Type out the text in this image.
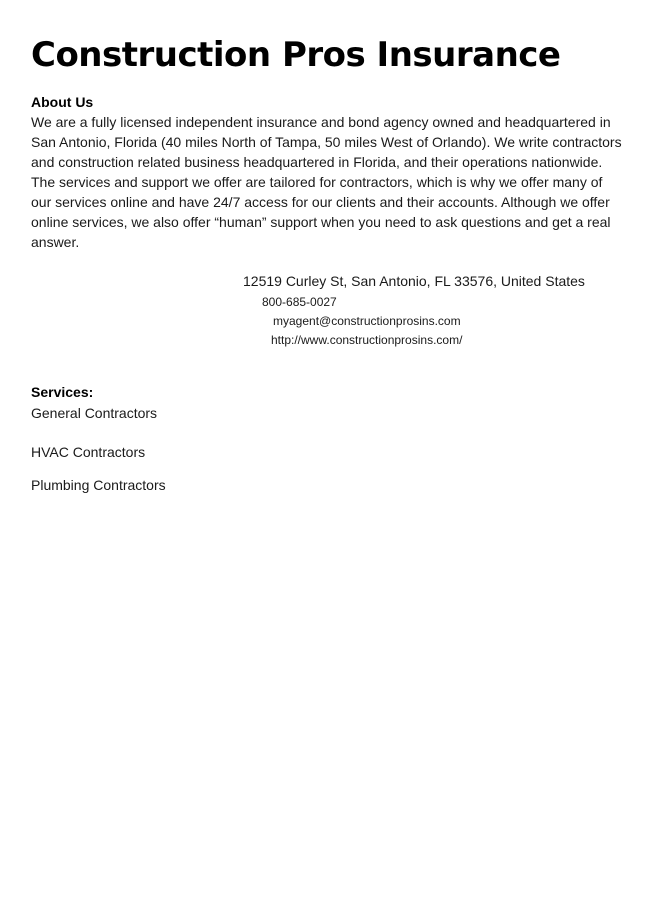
Construction Pros Insurance
About Us

We are a fully licensed independent insurance and bond agency owned and headquartered in San Antonio, Florida (40 miles North of Tampa, 50 miles West of Orlando). We write contractors and construction related business headquartered in Florida, and their operations nationwide. The services and support we offer are tailored for contractors, which is why we offer many of our services online and have 24/7 access for our clients and their accounts. Although we offer online services, we also offer “human” support when you need to ask questions and get a real answer.

12519 Curley St, San Antonio, FL 33576, United States

800-685-0027

myagent@constructionprosins.com

http://www.constructionprosins.com/

Services:

General Contractors

HVAC Contractors

Plumbing Contractors
